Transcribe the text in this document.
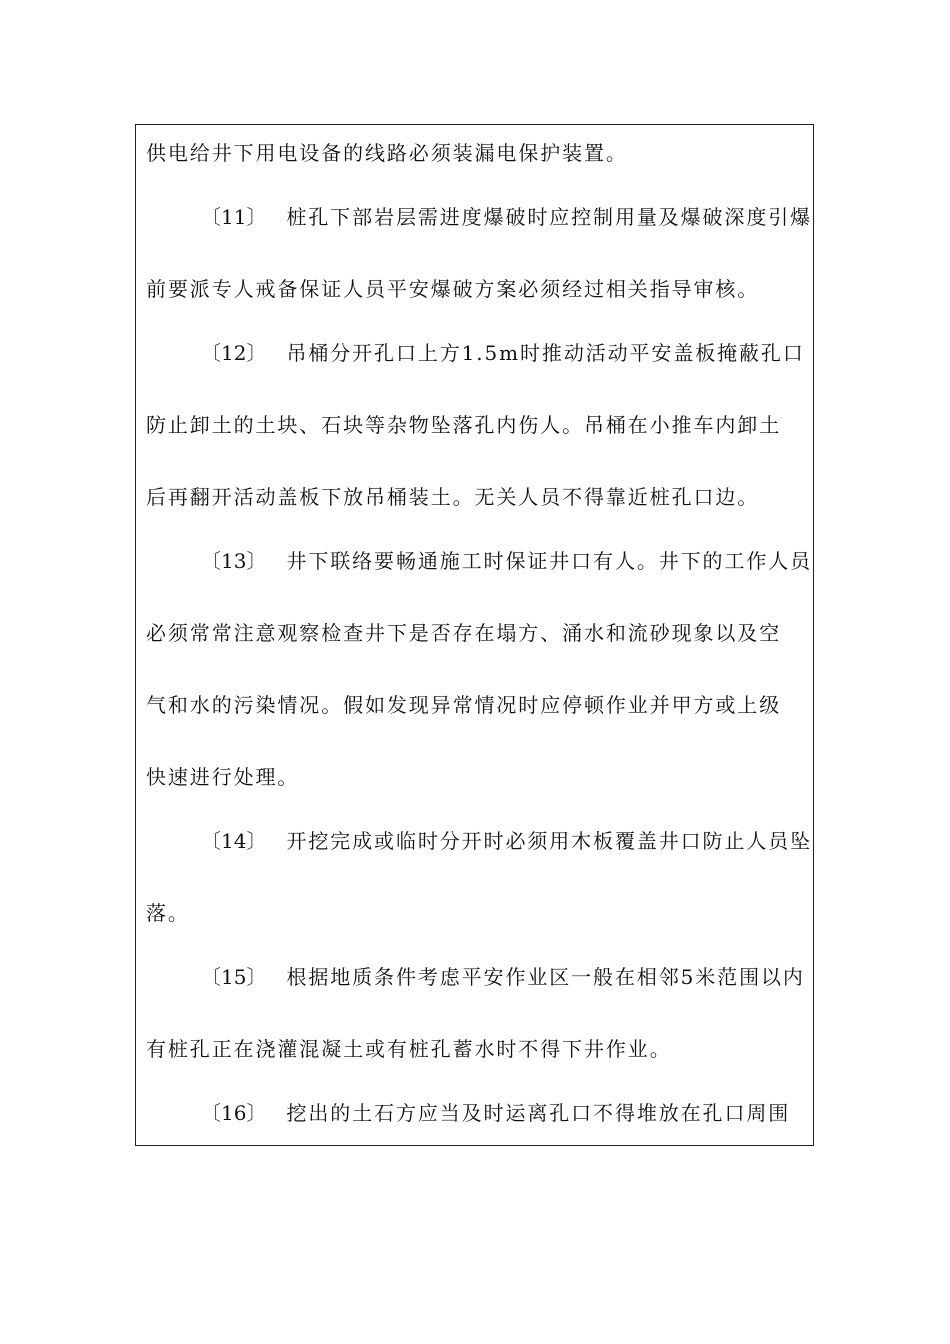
供电给井下用电设备的线路必须装漏电保护装置。
〔11〕 桩孔下部岩层需进度爆破时应控制用量及爆破深度引爆
前要派专人戒备保证人员平安爆破方案必须经过相关指导审核。
〔12〕 吊桶分开孔口上方1.5m时推动活动平安盖板掩蔽孔口
防止卸土的土块、石块等杂物坠落孔内伤人。吊桶在小推车内卸土
后再翻开活动盖板下放吊桶装土。无关人员不得靠近桩孔口边。
〔13〕 井下联络要畅通施工时保证井口有人。井下的工作人员
必须常常注意观察检查井下是否存在塌方、涌水和流砂现象以及空
气和水的污染情况。假如发现异常情况时应停顿作业并甲方或上级
快速进行处理。
〔14〕 开挖完成或临时分开时必须用木板覆盖井口防止人员坠
落。
〔15〕 根据地质条件考虑平安作业区一般在相邻5米范围以内
有桩孔正在浇灌混凝土或有桩孔蓄水时不得下井作业。
〔16〕 挖出的土石方应当及时运离孔口不得堆放在孔口周围
